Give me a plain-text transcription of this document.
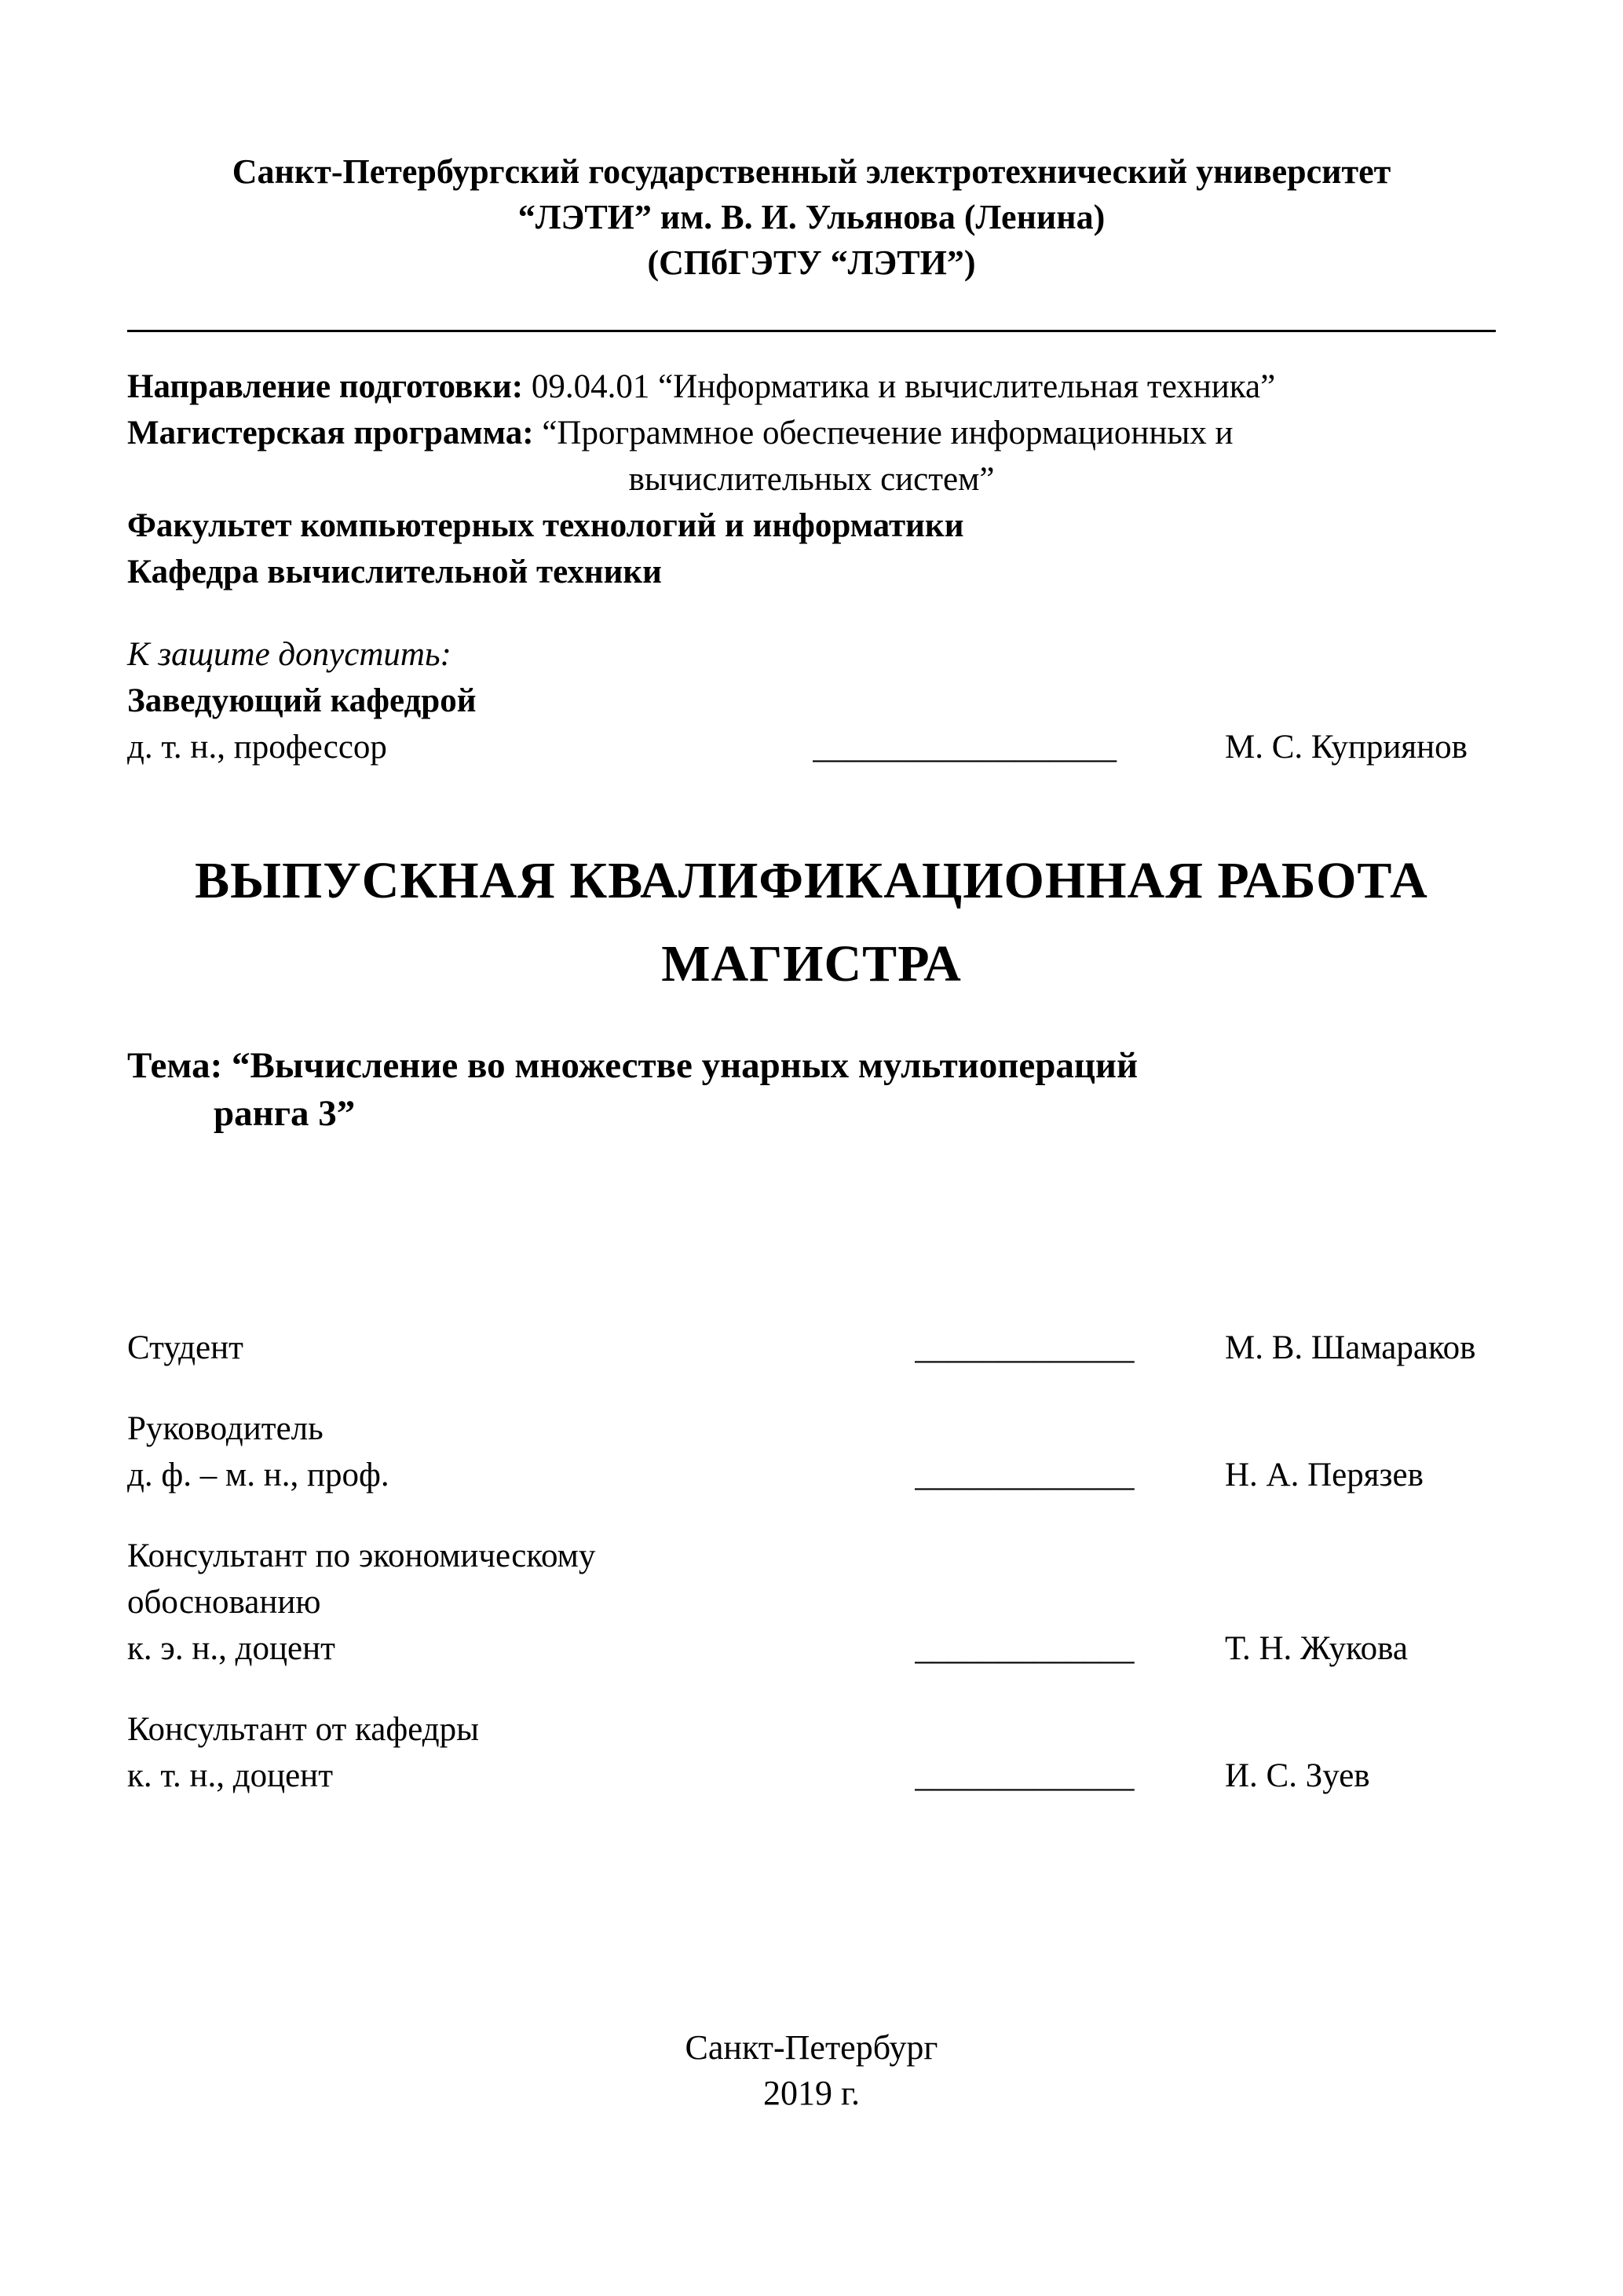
Санкт-Петербургский государственный электротехнический университет
“ЛЭТИ” им. В. И. Ульянова (Ленина)
(СПбГЭТУ “ЛЭТИ”)

Направление подготовки: 09.04.01 “Информатика и вычислительная техника”

Магистерская программа: “Программное обеспечение информационных и

вычислительных систем”

Факультет компьютерных технологий и информатики

Кафедра вычислительной техники

К защите допустить:

Заведующий кафедрой

д. т. н., профессор	__________________	М. С. Куприянов
ВЫПУСКНАЯ КВАЛИФИКАЦИОННАЯ РАБОТА
МАГИСТРА
Тема: “Вычисление во множестве унарных мультиопераций
ранга 3”
Студент	_____________	М. В. Шамараков
Руководитель
д. ф. – м. н., проф.	_____________	Н. А. Перязев
Консультант по экономическому
обоснованию
к. э. н., доцент	_____________	Т. Н. Жукова
Консультант от кафедры
к. т. н., доцент	_____________	И. С. Зуев
Санкт-Петербург
2019 г.
